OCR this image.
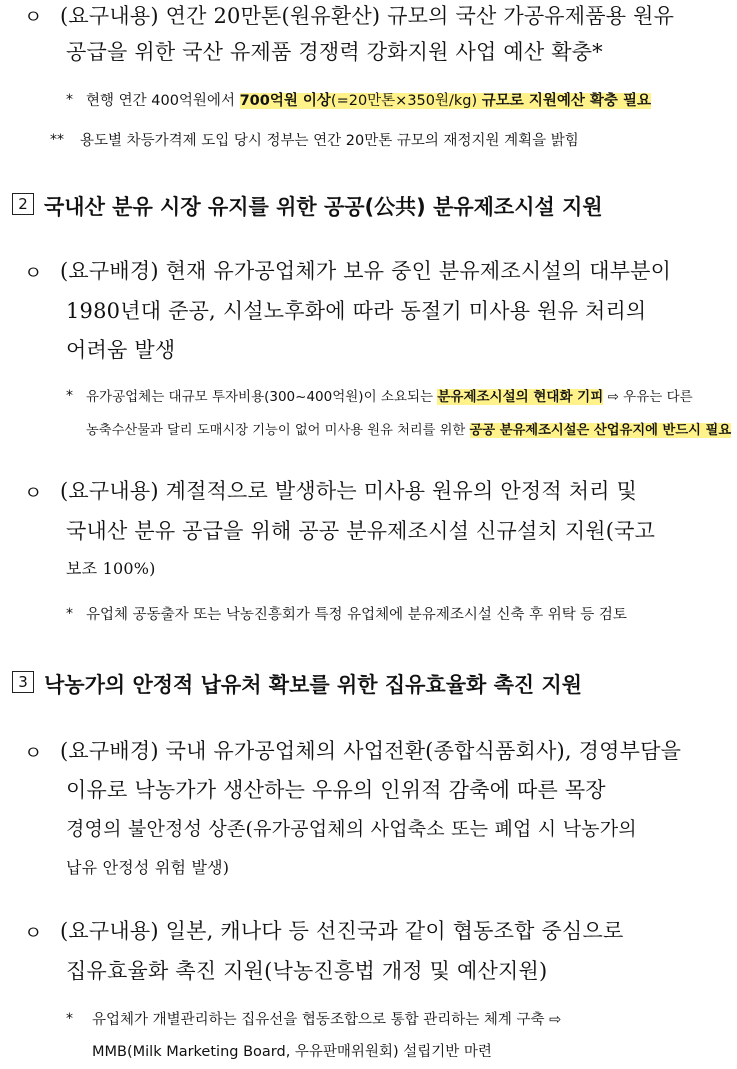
ㅇ (요구내용) 연간 20만톤(원유환산) 규모의 국산 가공유제품용 원유
공급을 위한 국산 유제품 경쟁력 강화지원 사업 예산 확충*
* 현행 연간 400억원에서 700억원 이상(=20만톤×350원/kg) 규모로 지원예산 확충 필요
** 용도별 차등가격제 도입 당시 정부는 연간 20만톤 규모의 재정지원 계획을 밝힘
2 국내산 분유 시장 유지를 위한 공공(公共) 분유제조시설 지원
ㅇ (요구배경) 현재 유가공업체가 보유 중인 분유제조시설의 대부분이
1980년대 준공, 시설노후화에 따라 동절기 미사용 원유 처리의
어려움 발생
* 유가공업체는 대규모 투자비용(300~400억원)이 소요되는 분유제조시설의 현대화 기피 ⇨ 우유는 다른
농축수산물과 달리 도매시장 기능이 없어 미사용 원유 처리를 위한 공공 분유제조시설은 산업유지에 반드시 필요
ㅇ (요구내용) 계절적으로 발생하는 미사용 원유의 안정적 처리 및
국내산 분유 공급을 위해 공공 분유제조시설 신규설치 지원(국고
보조 100%)
* 유업체 공동출자 또는 낙농진흥회가 특정 유업체에 분유제조시설 신축 후 위탁 등 검토
3 낙농가의 안정적 납유처 확보를 위한 집유효율화 촉진 지원
ㅇ (요구배경) 국내 유가공업체의 사업전환(종합식품회사), 경영부담을
이유로 낙농가가 생산하는 우유의 인위적 감축에 따른 목장
경영의 불안정성 상존(유가공업체의 사업축소 또는 폐업 시 낙농가의
납유 안정성 위험 발생)
ㅇ (요구내용) 일본, 캐나다 등 선진국과 같이 협동조합 중심으로
집유효율화 촉진 지원(낙농진흥법 개정 및 예산지원)
* 유업체가 개별관리하는 집유선을 협동조합으로 통합 관리하는 체계 구축 ⇨
MMB(Milk Marketing Board, 우유판매위원회) 설립기반 마련
